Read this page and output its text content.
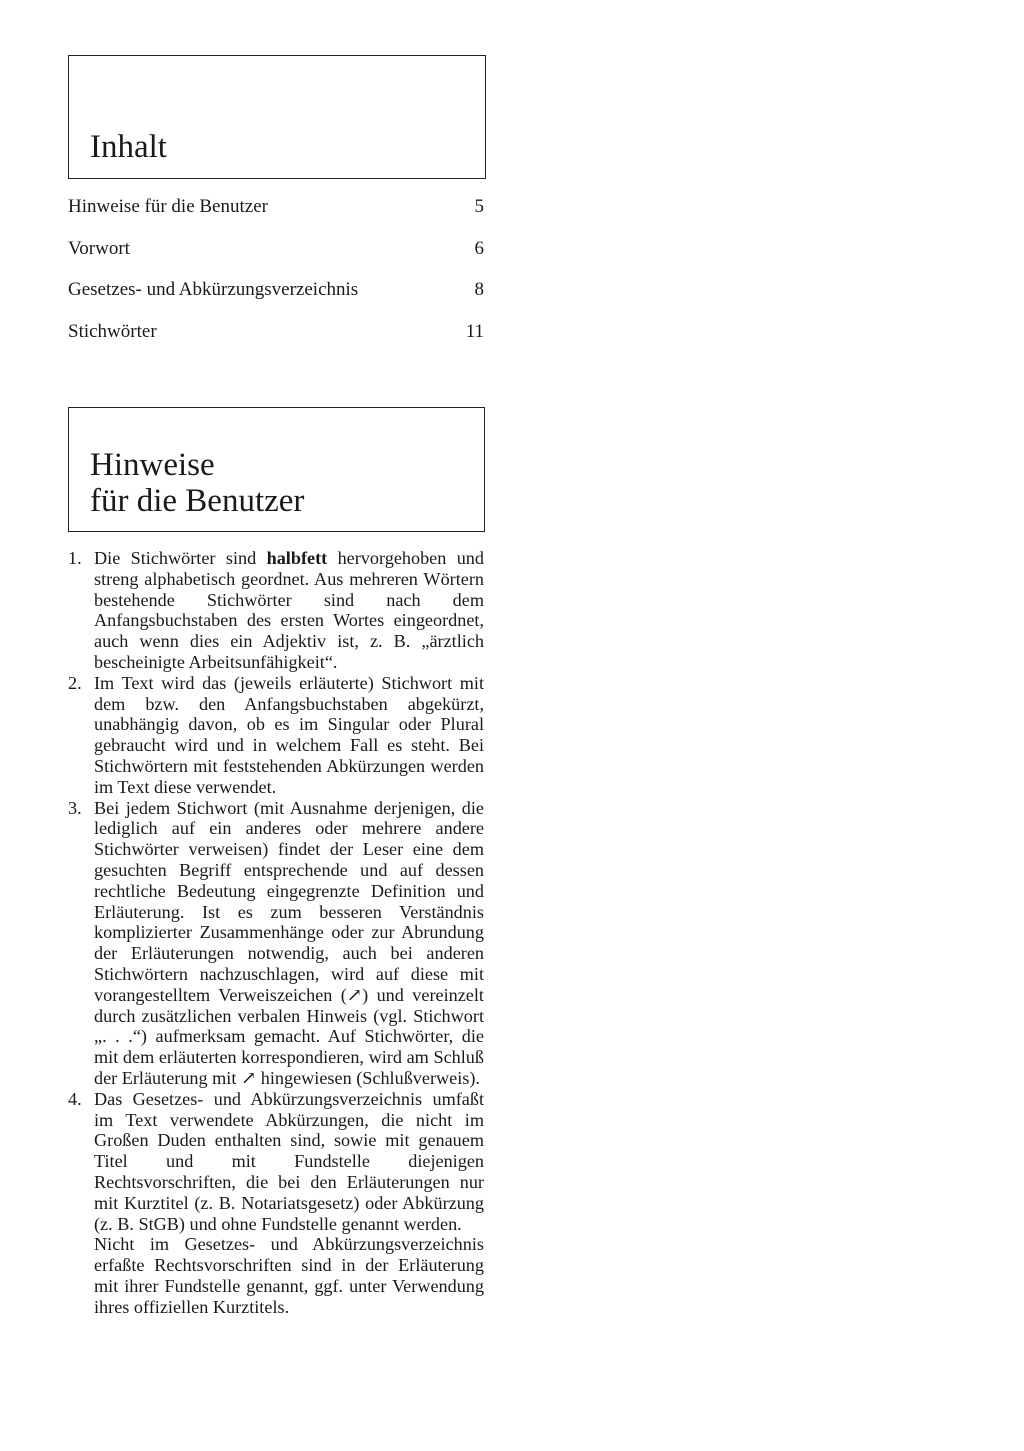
Inhalt
Hinweise für die Benutzer	5
Vorwort	6
Gesetzes- und Abkürzungsverzeichnis	8
Stichwörter	11
Hinweise
für die Benutzer
1. Die Stichwörter sind halbfett hervorgehoben und streng alphabetisch geordnet. Aus mehreren Wörtern bestehende Stichwörter sind nach dem Anfangsbuchstaben des ersten Wortes eingeordnet, auch wenn dies ein Adjektiv ist, z. B. „ärztlich bescheinigte Arbeitsunfähigkeit“.

2. Im Text wird das (jeweils erläuterte) Stichwort mit dem bzw. den Anfangsbuchstaben abgekürzt, unabhängig davon, ob es im Singular oder Plural gebraucht wird und in welchem Fall es steht. Bei Stichwörtern mit feststehenden Abkürzungen werden im Text diese verwendet.

3. Bei jedem Stichwort (mit Ausnahme derjenigen, die lediglich auf ein anderes oder mehrere andere Stichwörter verweisen) findet der Leser eine dem gesuchten Begriff entsprechende und auf dessen rechtliche Bedeutung eingegrenzte Definition und Erläuterung. Ist es zum besseren Verständnis komplizierter Zusammenhänge oder zur Abrundung der Erläuterungen notwendig, auch bei anderen Stichwörtern nachzuschlagen, wird auf diese mit vorangestelltem Verweiszeichen (↗) und vereinzelt durch zusätzlichen verbalen Hinweis (vgl. Stichwort „. . .“) aufmerksam gemacht. Auf Stichwörter, die mit dem erläuterten korrespondieren, wird am Schluß der Erläuterung mit ↗ hingewiesen (Schlußverweis).

4. Das Gesetzes- und Abkürzungsverzeichnis umfaßt im Text verwendete Abkürzungen, die nicht im Großen Duden enthalten sind, sowie mit genauem Titel und mit Fundstelle diejenigen Rechtsvorschriften, die bei den Erläuterungen nur mit Kurztitel (z. B. Notariatsgesetz) oder Abkürzung (z. B. StGB) und ohne Fundstelle genannt werden.

Nicht im Gesetzes- und Abkürzungsverzeichnis erfaßte Rechtsvorschriften sind in der Erläuterung mit ihrer Fundstelle genannt, ggf. unter Verwendung ihres offiziellen Kurztitels.
